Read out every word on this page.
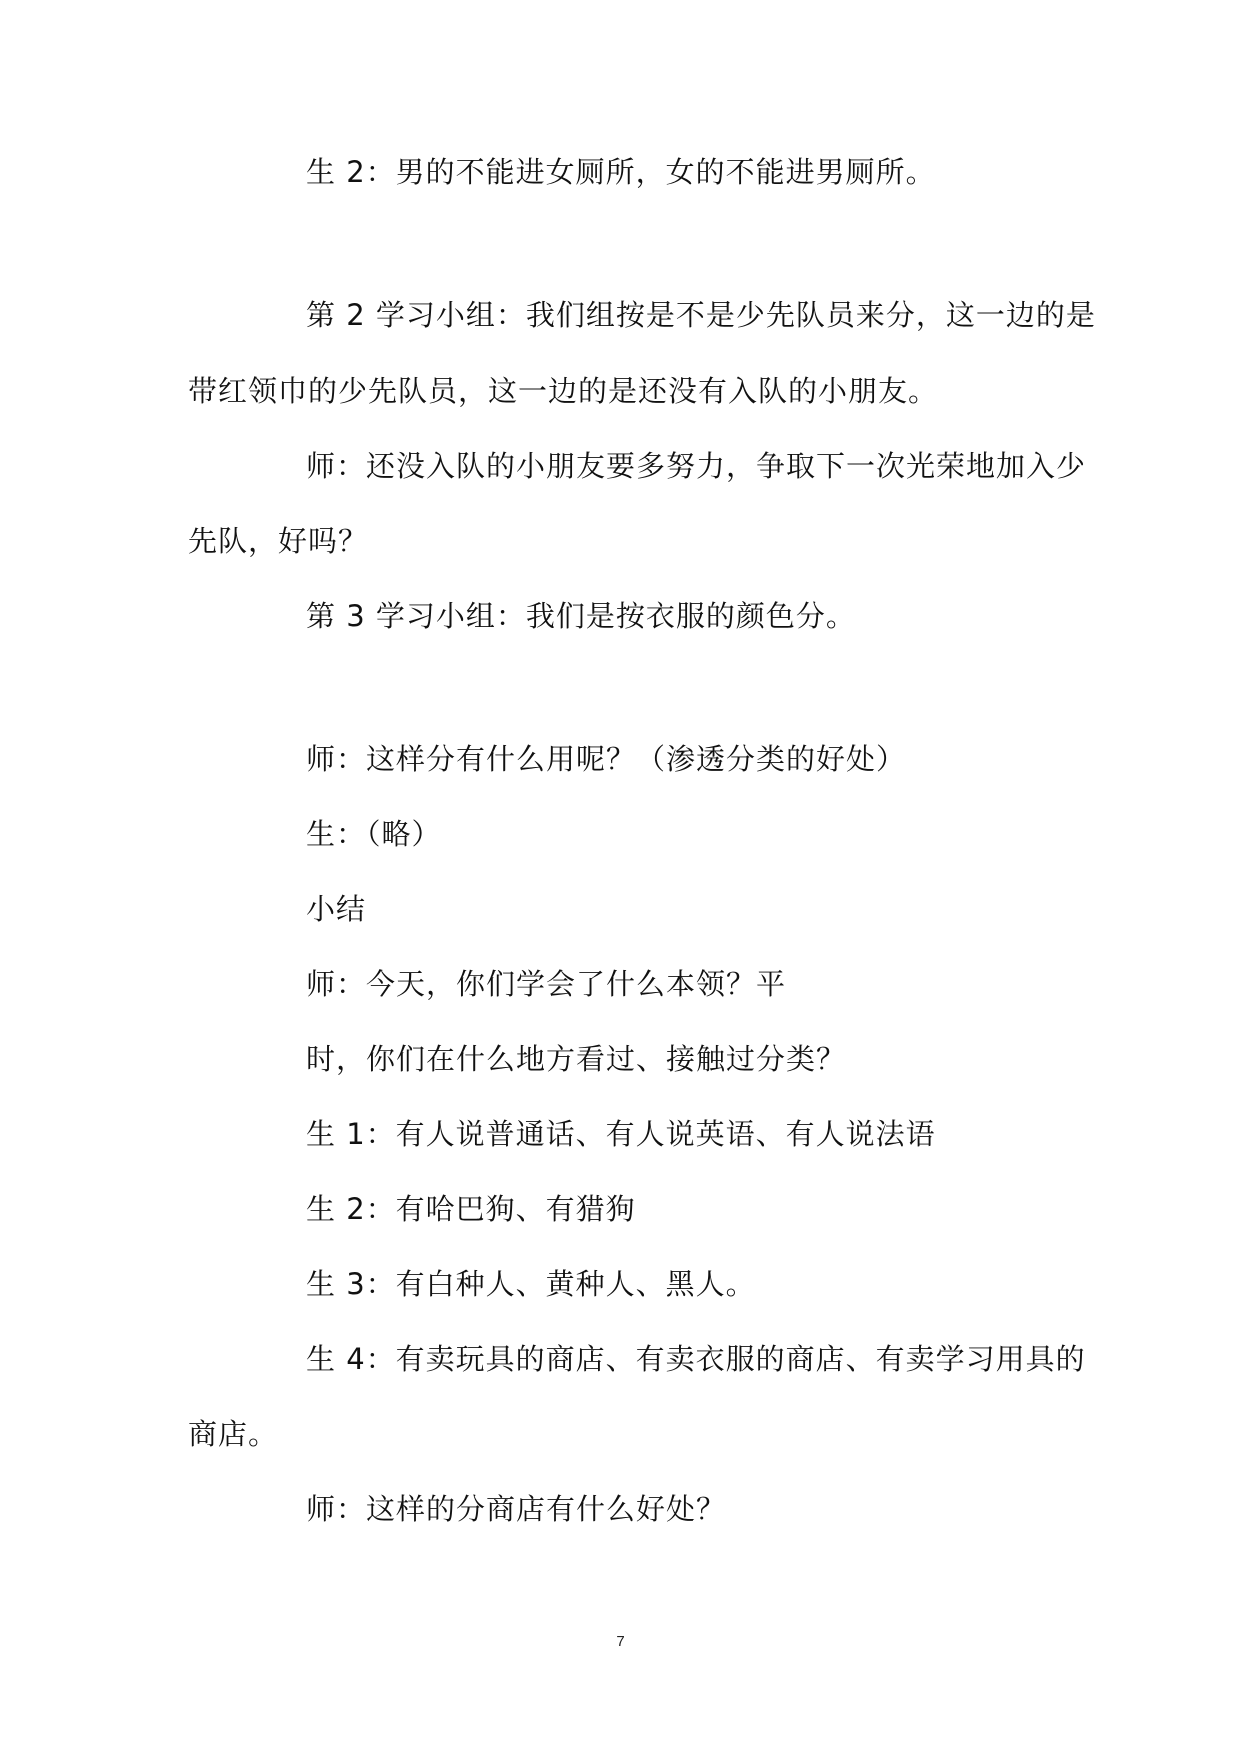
生 2：男的不能进女厕所，女的不能进男厕所。
第 2 学习小组：我们组按是不是少先队员来分，这一边的是
带红领巾的少先队员，这一边的是还没有入队的小朋友。
师：还没入队的小朋友要多努力，争取下一次光荣地加入少
先队，好吗？
第 3 学习小组：我们是按衣服的颜色分。
师：这样分有什么用呢？（渗透分类的好处）
生：（略）
小结
师：今天，你们学会了什么本领？平
时，你们在什么地方看过、接触过分类？
生 1：有人说普通话、有人说英语、有人说法语
生 2：有哈巴狗、有猎狗
生 3：有白种人、黄种人、黑人。
生 4：有卖玩具的商店、有卖衣服的商店、有卖学习用具的
商店。
师：这样的分商店有什么好处？
7
